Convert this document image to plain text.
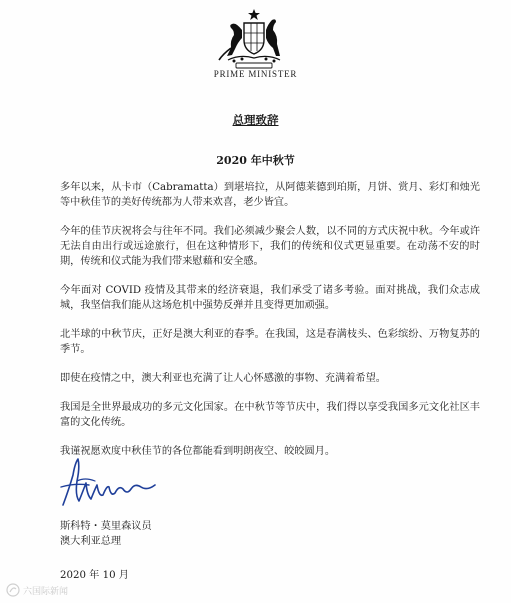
PRIME MINISTER
总理致辞
2020 年中秋节

多年以来，从卡市（Cabramatta）到堪培拉，从阿德莱德到珀斯，月饼、赏月、彩灯和烛光等中秋佳节的美好传统都为人带来欢喜，老少皆宜。

今年的佳节庆祝将会与往年不同。我们必须减少聚会人数，以不同的方式庆祝中秋。今年或许无法自由出行或远途旅行，但在这种情形下，我们的传统和仪式更显重要。在动荡不安的时期，传统和仪式能为我们带来慰藉和安全感。

今年面对 COVID 疫情及其带来的经济衰退，我们承受了诸多考验。面对挑战，我们众志成城，我坚信我们能从这场危机中强势反弹并且变得更加顽强。

北半球的中秋节庆，正好是澳大利亚的春季。在我国，这是春满枝头、色彩缤纷、万物复苏的季节。

即使在疫情之中，澳大利亚也充满了让人心怀感激的事物、充满着希望。

我国是全世界最成功的多元文化国家。在中秋节等节庆中，我们得以享受我国多元文化社区丰富的文化传统。

我谨祝愿欢度中秋佳节的各位都能看到明朗夜空、皎皎圆月。

斯科特・莫里森议员
澳大利亚总理
2020 年 10 月
六国际新闻
